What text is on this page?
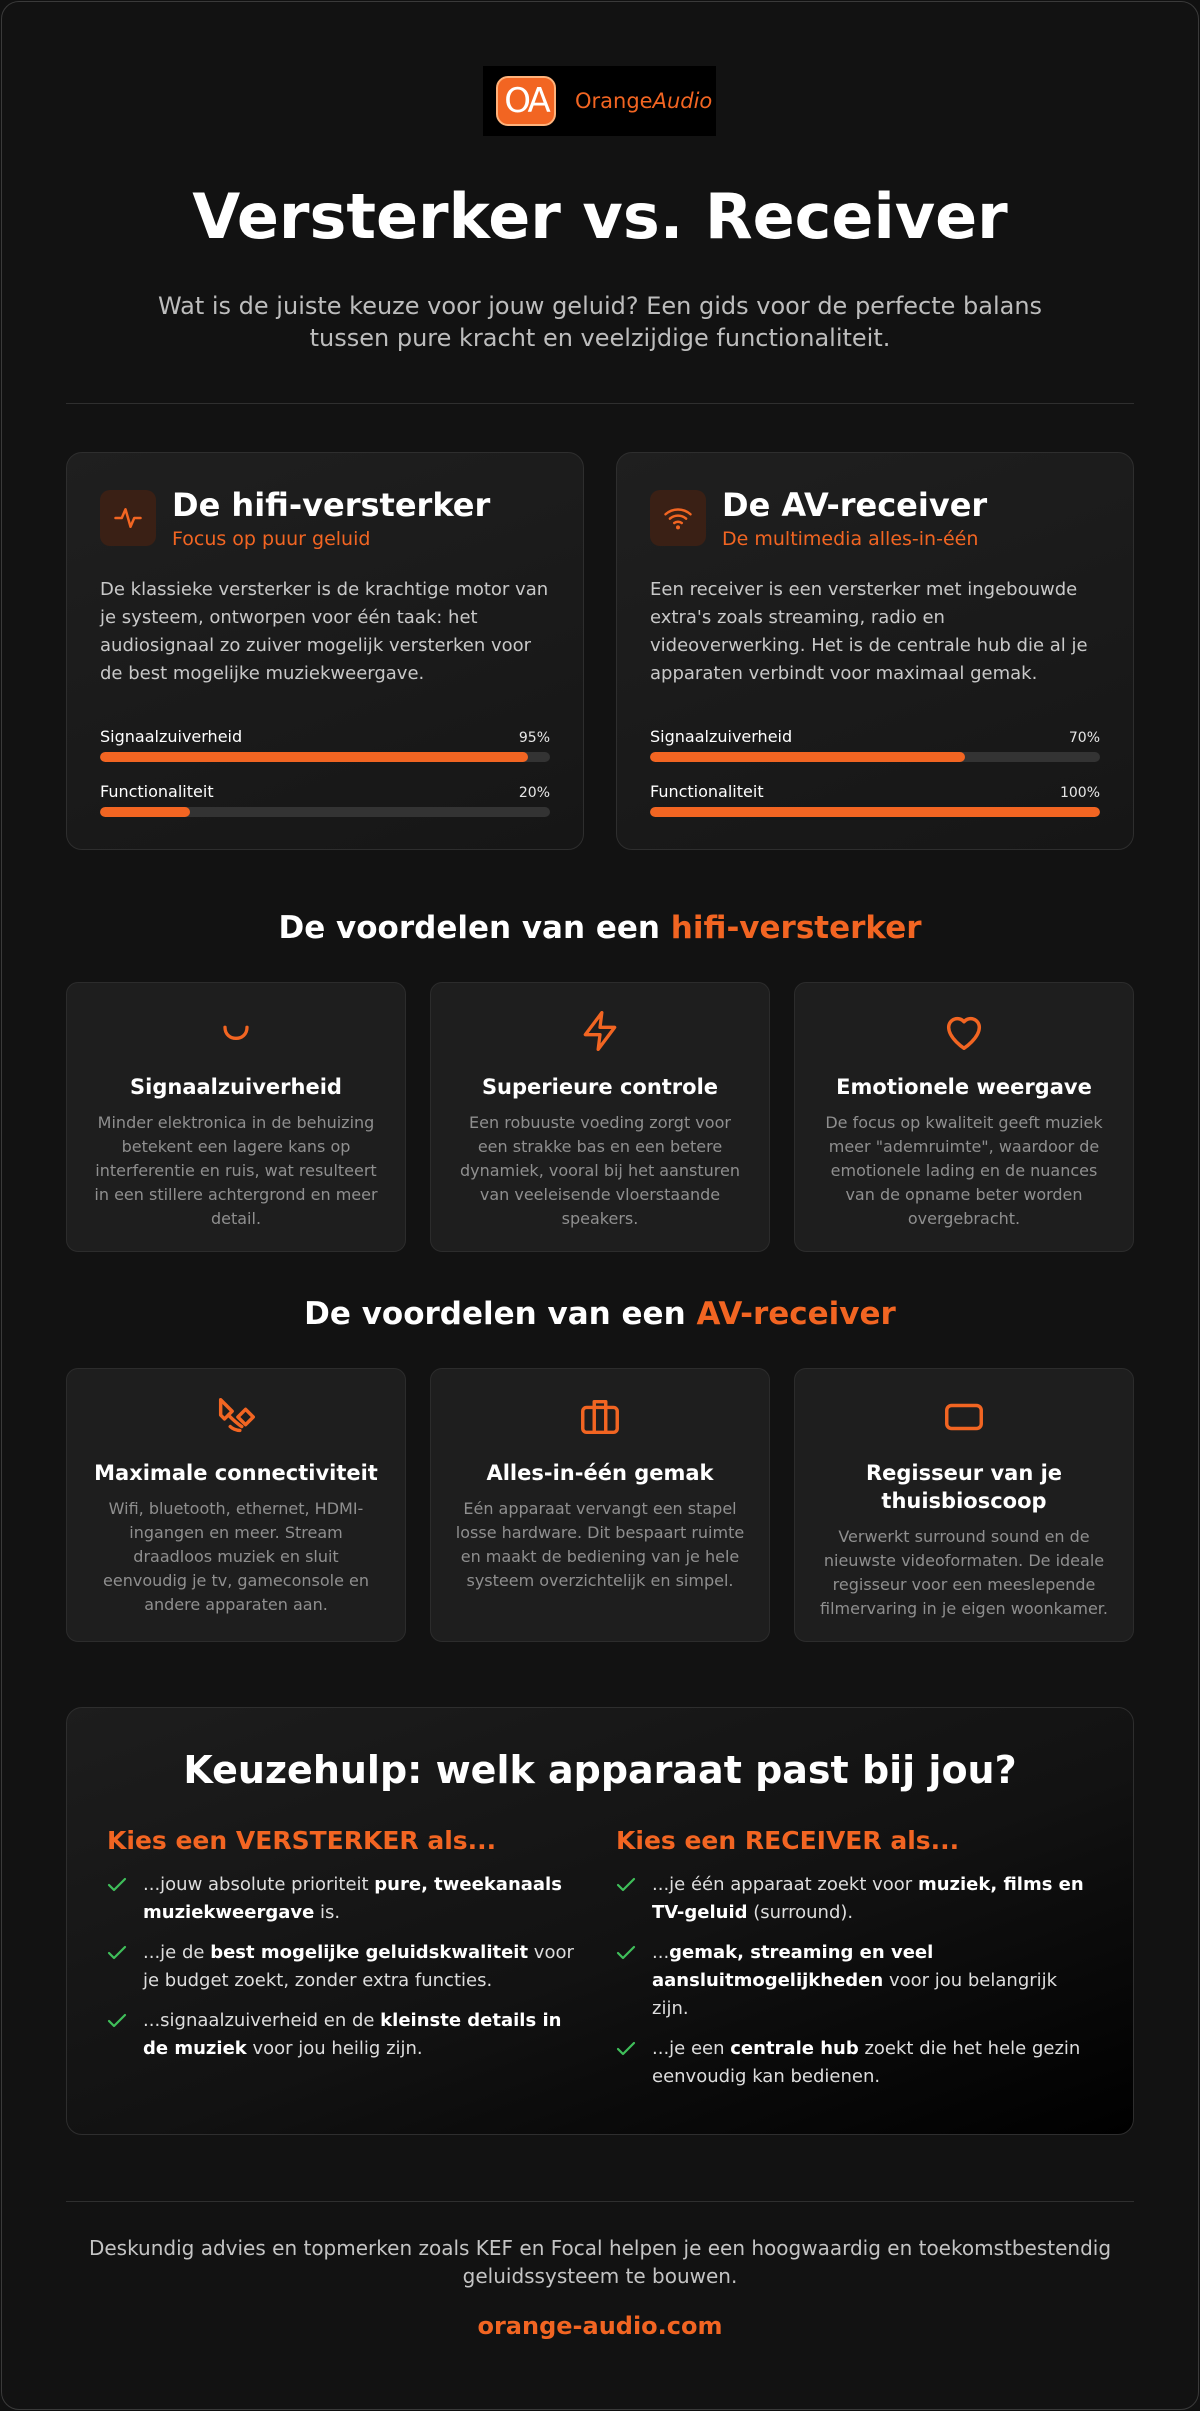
OA	OrangeAudio
Versterker vs. Receiver

Wat is de juiste keuze voor jouw geluid? Een gids voor de perfecte balans tussen pure kracht en veelzijdige functionaliteit.

De hifi-versterker
Focus op puur geluid

De klassieke versterker is de krachtige motor van je systeem, ontworpen voor één taak: het audiosignaal zo zuiver mogelijk versterken voor de best mogelijke muziekweergave.

Signaalzuiverheid	95%
Functionaliteit	20%
De AV-receiver
De multimedia alles-in-één

Een receiver is een versterker met ingebouwde extra's zoals streaming, radio en videoverwerking. Het is de centrale hub die al je apparaten verbindt voor maximaal gemak.

Signaalzuiverheid	70%
Functionaliteit	100%
De voordelen van een hifi-versterker
Signaalzuiverheid
Minder elektronica in de behuizing betekent een lagere kans op interferentie en ruis, wat resulteert in een stillere achtergrond en meer detail.
Superieure controle
Een robuuste voeding zorgt voor een strakke bas en een betere dynamiek, vooral bij het aansturen van veeleisende vloerstaande speakers.
Emotionele weergave
De focus op kwaliteit geeft muziek meer "ademruimte", waardoor de emotionele lading en de nuances van de opname beter worden overgebracht.
De voordelen van een AV-receiver
Maximale connectiviteit
Wifi, bluetooth, ethernet, HDMI-ingangen en meer. Stream draadloos muziek en sluit eenvoudig je tv, gameconsole en andere apparaten aan.
Alles-in-één gemak
Eén apparaat vervangt een stapel losse hardware. Dit bespaart ruimte en maakt de bediening van je hele systeem overzichtelijk en simpel.
Regisseur van je thuisbioscoop
Verwerkt surround sound en de nieuwste videoformaten. De ideale regisseur voor een meeslepende filmervaring in je eigen woonkamer.
Keuzehulp: welk apparaat past bij jou?
Kies een VERSTERKER als...
...jouw absolute prioriteit pure, tweekanaals muziekweergave is.
...je de best mogelijke geluidskwaliteit voor je budget zoekt, zonder extra functies.
...signaalzuiverheid en de kleinste details in de muziek voor jou heilig zijn.
Kies een RECEIVER als...
...je één apparaat zoekt voor muziek, films en TV-geluid (surround).
...gemak, streaming en veel aansluitmogelijkheden voor jou belangrijk zijn.
...je een centrale hub zoekt die het hele gezin eenvoudig kan bedienen.

Deskundig advies en topmerken zoals KEF en Focal helpen je een hoogwaardig en toekomstbestendig geluidssysteem te bouwen.

orange-audio.com
